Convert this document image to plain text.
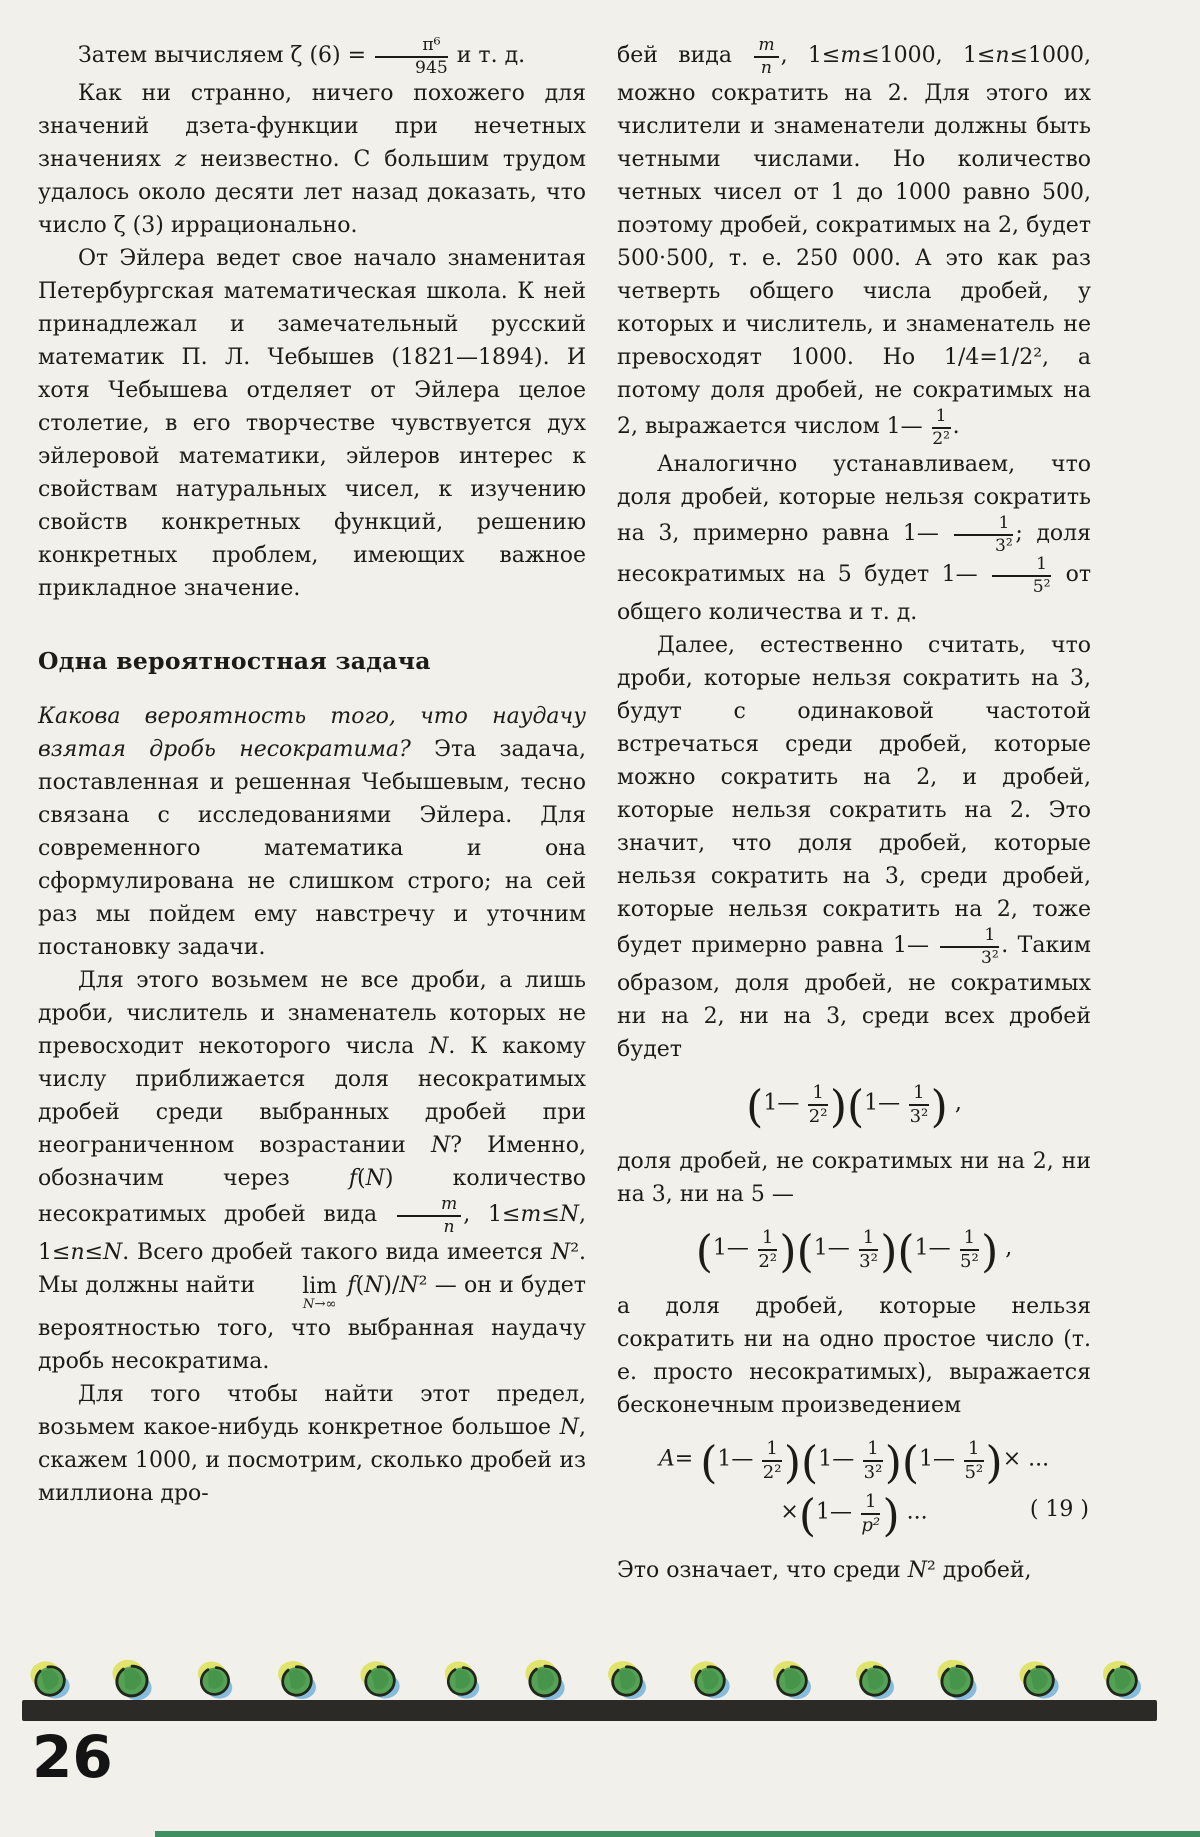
Затем вычисляем ζ $(6) = \frac{\text{π⁶}}{945}$ и т. д.
Как ни странно, ничего похожего для значений дзета-функции при нечетных значениях z неизвестно. С большим трудом удалось около десяти лет назад доказать, что число ζ (3) иррационально.
От Эйлера ведет свое начало знаменитая Петербургская математическая школа. К ней принадлежал и замечательный русский математик П. Л. Чебышев (1821—1894). И хотя Чебышева отделяет от Эйлера целое столетие, в его творчестве чувствуется дух эйлеровой математики, эйлеров интерес к свойствам натуральных чисел, к изучению свойств конкретных функций, решению конкретных проблем, имеющих важное прикладное значение.
Одна вероятностная задача
Какова вероятность того, что наудачу взятая дробь несократима? Эта задача, поставленная и решенная Чебышевым, тесно связана с исследованиями Эйлера. Для современного математика и она сформулирована не слишком строго; на сей раз мы пойдем ему навстречу и уточним постановку задачи.
Для этого возьмем не все дроби, а лишь дроби, числитель и знаменатель которых не превосходит некоторого числа N. К какому числу приближается доля несократимых дробей среди выбранных дробей при неограниченном возрастании N? Именно, обозначим через f(N) количество несократимых дробей вида $\frac{m}{n}$ , 1≤m≤N, 1≤n≤N. Всего дробей такого вида имеется N². Мы должны найти	lim
N→∞
f(N)/N² — он и будет вероятностью того, что выбранная наудачу дробь несократима.
Для того чтобы найти этот предел, возьмем какое-нибудь конкретное большое N, скажем 1000, и посмотрим, сколько дробей из миллиона дро-
бей вида $\frac{m}{n}$ , 1≤m≤1000, 1≤n≤1000, можно сократить на 2. Для этого их числители и знаменатели должны быть четными числами. Но количество четных чисел от 1 до 1000 равно 500, поэтому дробей, сократимых на 2, будет 500·500, т. е. 250 000. А это как раз четверть общего числа дробей, у которых и числитель, и знаменатель не превосходят 1000. Но 1/4=1/2², а потому доля дробей, не сократимых на 2, выражается числом 1— $\frac{1}{\text{2²}}$ .
Аналогично устанавливаем, что доля дробей, которые нельзя сократить на 3, примерно равна 1— $\frac{1}{\text{3²}}$ ; доля несократимых на 5 будет 1— $\frac{1}{\text{5²}}$ от общего количества и т. д.
Далее, естественно считать, что дроби, которые нельзя сократить на 3, будут с одинаковой частотой встречаться среди дробей, которые можно сократить на 2, и дробей, которые нельзя сократить на 2. Это значит, что доля дробей, которые нельзя сократить на 3, среди дробей, которые нельзя сократить на 2, тоже будет примерно равна 1— $\frac{1}{\text{3²}}$ . Таким образом, доля дробей, не сократимых ни на 2, ни на 3, среди всех дробей будет
(1— $\frac{1}{\text{2²}}$ )(1— $\frac{1}{\text{3²}}$ ) ,
доля дробей, не сократимых ни на 2, ни на 3, ни на 5 —
(1— $\frac{1}{\text{2²}}$ )(1— $\frac{1}{\text{3²}}$ )(1— $\frac{1}{\text{5²}}$ ) ,
а доля дробей, которые нельзя сократить ни на одно простое число (т. е. просто несократимых), выражается бесконечным произведением
A= (1— $\frac{1}{\text{2²}}$ )(1— $\frac{1}{\text{3²}}$ )(1— $\frac{1}{\text{5²}}$ )× ...
×(1— $\frac{1}{\text{p²}}$ ) ...	( 19 )
Это означает, что среди N² дробей,
26
